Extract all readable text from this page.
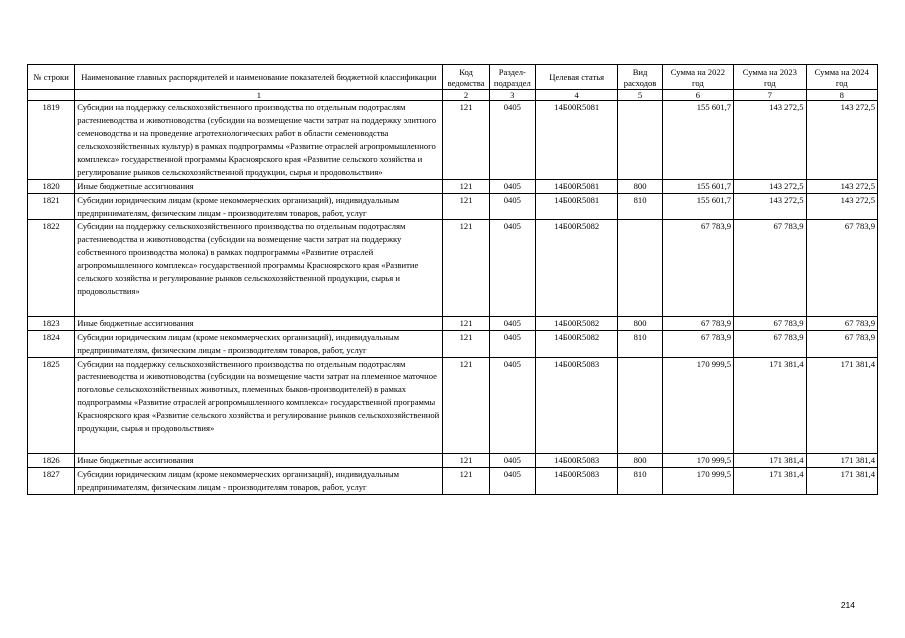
№ строки	Наименование главных распорядителей и наименование показателей бюджетной классификации	Код ведомства	Раздел-подраздел	Целевая статья	Вид расходов	Сумма на 2022 год	Сумма на 2023 год	Сумма на 2024 год
	1	2	3	4	5	6	7	8
1819	Субсидии на поддержку сельскохозяйственного производства по отдельным подотраслям растениеводства и животноводства (субсидии на возмещение части затрат на поддержку элитного семеноводства и на проведение агротехнологических работ в области семеноводства сельскохозяйственных культур) в рамках подпрограммы «Развитие отраслей агропромышленного комплекса» государственной программы Красноярского края «Развитие сельского хозяйства и регулирование рынков сельскохозяйственной продукции, сырья и продовольствия»	121	0405	14Б00R5081		155 601,7	143 272,5	143 272,5
1820	Иные бюджетные ассигнования	121	0405	14Б00R5081	800	155 601,7	143 272,5	143 272,5
1821	Субсидии юридическим лицам (кроме некоммерческих организаций), индивидуальным предпринимателям, физическим лицам - производителям товаров, работ, услуг	121	0405	14Б00R5081	810	155 601,7	143 272,5	143 272,5
1822	Субсидии на поддержку сельскохозяйственного производства по отдельным подотраслям растениеводства и животноводства (субсидии на возмещение части затрат на поддержку собственного производства молока) в рамках подпрограммы «Развитие отраслей агропромышленного комплекса» государственной программы Красноярского края «Развитие сельского хозяйства и регулирование рынков сельскохозяйственной продукции, сырья и продовольствия»	121	0405	14Б00R5082		67 783,9	67 783,9	67 783,9
1823	Иные бюджетные ассигнования	121	0405	14Б00R5082	800	67 783,9	67 783,9	67 783,9
1824	Субсидии юридическим лицам (кроме некоммерческих организаций), индивидуальным предпринимателям, физическим лицам - производителям товаров, работ, услуг	121	0405	14Б00R5082	810	67 783,9	67 783,9	67 783,9
1825	Субсидии на поддержку сельскохозяйственного производства по отдельным подотраслям растениеводства и животноводства (субсидии на возмещение части затрат на племенное маточное поголовье сельскохозяйственных животных, племенных быков-производителей) в рамках подпрограммы «Развитие отраслей агропромышленного комплекса» государственной программы Красноярского края «Развитие сельского хозяйства и регулирование рынков сельскохозяйственной продукции, сырья и продовольствия»	121	0405	14Б00R5083		170 999,5	171 381,4	171 381,4
1826	Иные бюджетные ассигнования	121	0405	14Б00R5083	800	170 999,5	171 381,4	171 381,4
1827	Субсидии юридическим лицам (кроме некоммерческих организаций), индивидуальным предпринимателям, физическим лицам - производителям товаров, работ, услуг	121	0405	14Б00R5083	810	170 999,5	171 381,4	171 381,4
214
